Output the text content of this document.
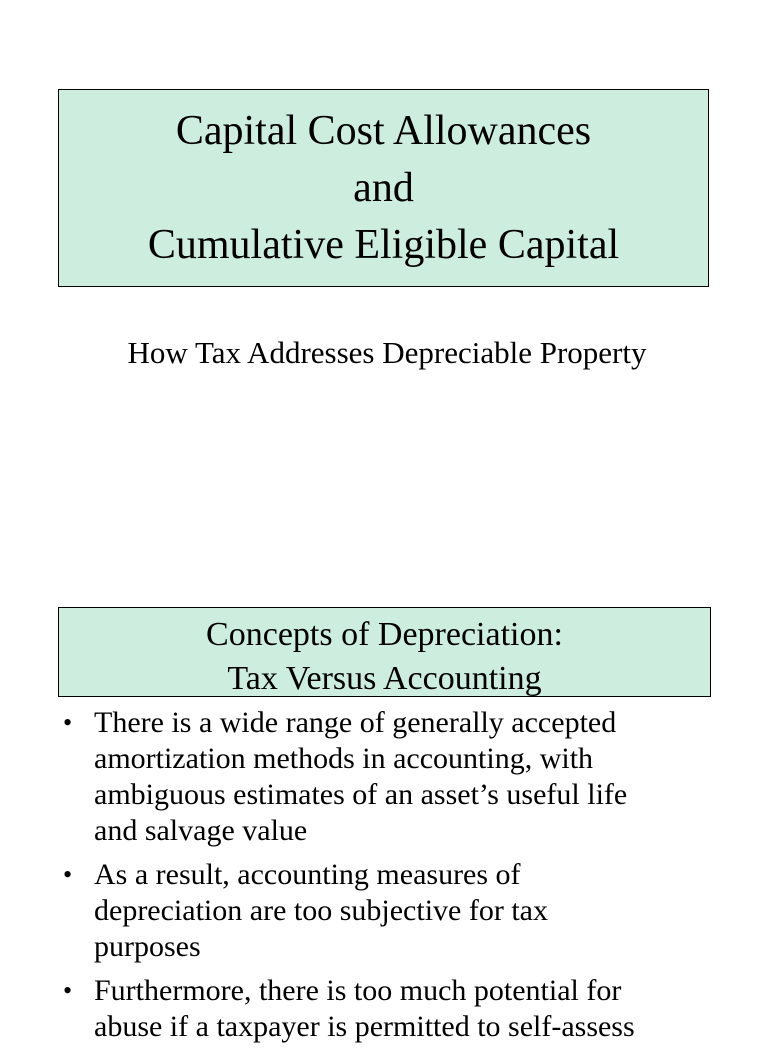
Capital Cost Allowances
and
Cumulative Eligible Capital
How Tax Addresses Depreciable Property
Concepts of Depreciation:
Tax Versus Accounting
• There is a wide range of generally accepted
amortization methods in accounting, with
ambiguous estimates of an asset’s useful life
and salvage value
• As a result, accounting measures of
depreciation are too subjective for tax
purposes
• Furthermore, there is too much potential for
abuse if a taxpayer is permitted to self-assess
